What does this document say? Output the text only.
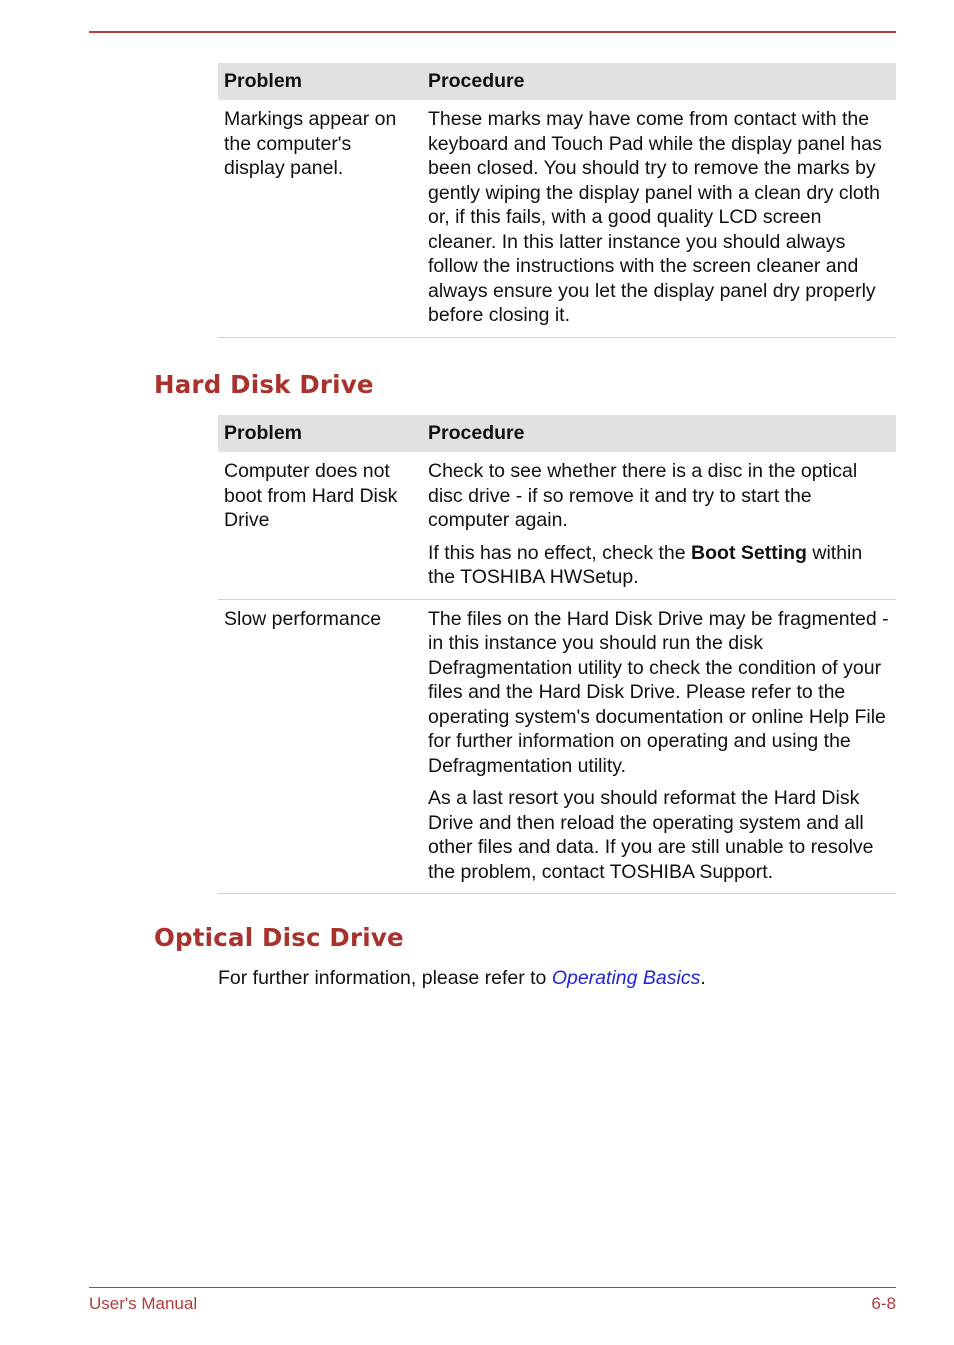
Problem	Procedure
Markings appear on the computer's display panel.	These marks may have come from contact with the keyboard and Touch Pad while the display panel has been closed. You should try to remove the marks by gently wiping the display panel with a clean dry cloth or, if this fails, with a good quality LCD screen cleaner. In this latter instance you should always follow the instructions with the screen cleaner and always ensure you let the display panel dry properly before closing it.

Hard Disk Drive
Problem	Procedure
Computer does not boot from Hard Disk Drive	Check to see whether there is a disc in the optical disc drive - if so remove it and try to start the computer again.

If this has no effect, check the Boot Setting within the TOSHIBA HWSetup.

Slow performance	The files on the Hard Disk Drive may be fragmented - in this instance you should run the disk Defragmentation utility to check the condition of your files and the Hard Disk Drive. Please refer to the operating system's documentation or online Help File for further information on operating and using the Defragmentation utility.

As a last resort you should reformat the Hard Disk Drive and then reload the operating system and all other files and data. If you are still unable to resolve the problem, contact TOSHIBA Support.

Optical Disc Drive

For further information, please refer to Operating Basics.

User's Manual	6-8
